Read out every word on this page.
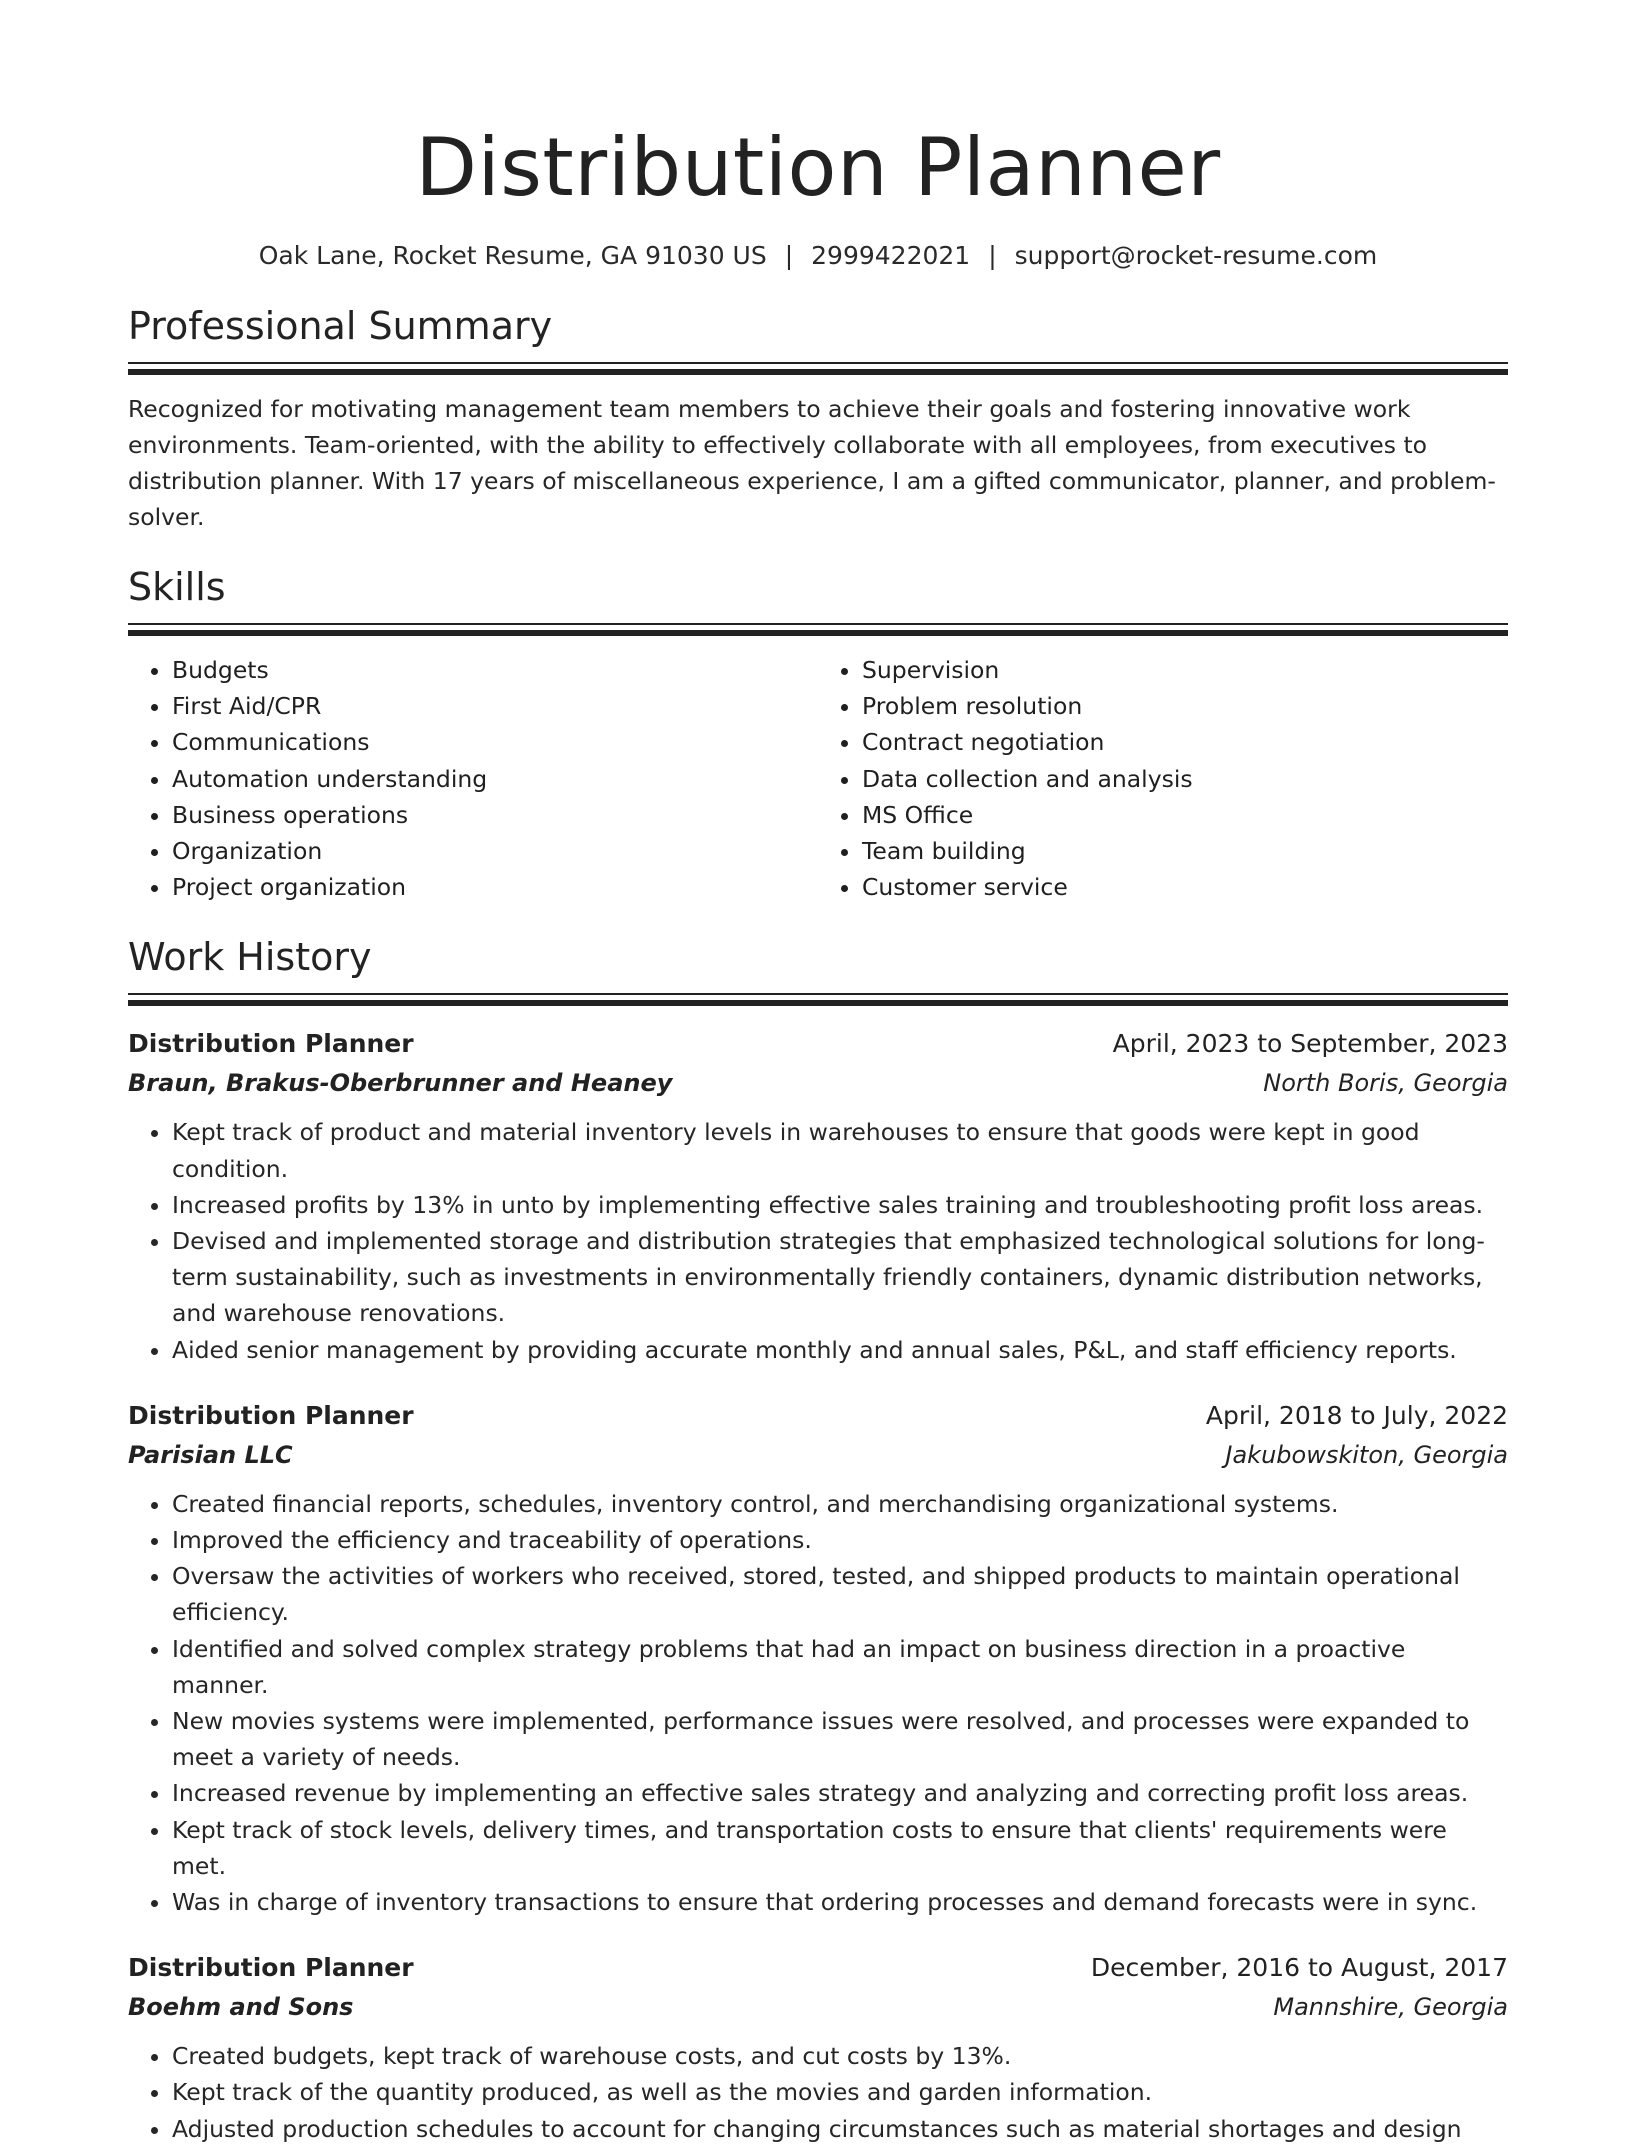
Distribution Planner
Oak Lane, Rocket Resume, GA 91030 US | 2999422021 | support@rocket-resume.com
Professional Summary
Recognized for motivating management team members to achieve their goals and fostering innovative work environments. Team-oriented, with the ability to effectively collaborate with all employees, from executives to distribution planner. With 17 years of miscellaneous experience, I am a gifted communicator, planner, and problem-solver.
Skills
• Budgets
• First Aid/CPR
• Communications
• Automation understanding
• Business operations
• Organization
• Project organization
• Supervision
• Problem resolution
• Contract negotiation
• Data collection and analysis
• MS Office
• Team building
• Customer service
Work History
Distribution Planner	April, 2023 to September, 2023
Braun, Brakus-Oberbrunner and Heaney	North Boris, Georgia
• Kept track of product and material inventory levels in warehouses to ensure that goods were kept in good condition.
• Increased profits by 13% in unto by implementing effective sales training and troubleshooting profit loss areas.
• Devised and implemented storage and distribution strategies that emphasized technological solutions for long-term sustainability, such as investments in environmentally friendly containers, dynamic distribution networks, and warehouse renovations.
• Aided senior management by providing accurate monthly and annual sales, P&L, and staff efficiency reports.
Distribution Planner	April, 2018 to July, 2022
Parisian LLC	Jakubowskiton, Georgia
• Created financial reports, schedules, inventory control, and merchandising organizational systems.
• Improved the efficiency and traceability of operations.
• Oversaw the activities of workers who received, stored, tested, and shipped products to maintain operational efficiency.
• Identified and solved complex strategy problems that had an impact on business direction in a proactive manner.
• New movies systems were implemented, performance issues were resolved, and processes were expanded to meet a variety of needs.
• Increased revenue by implementing an effective sales strategy and analyzing and correcting profit loss areas.
• Kept track of stock levels, delivery times, and transportation costs to ensure that clients' requirements were met.
• Was in charge of inventory transactions to ensure that ordering processes and demand forecasts were in sync.
Distribution Planner	December, 2016 to August, 2017
Boehm and Sons	Mannshire, Georgia
• Created budgets, kept track of warehouse costs, and cut costs by 13%.
• Kept track of the quantity produced, as well as the movies and garden information.
• Adjusted production schedules to account for changing circumstances such as material shortages and design
